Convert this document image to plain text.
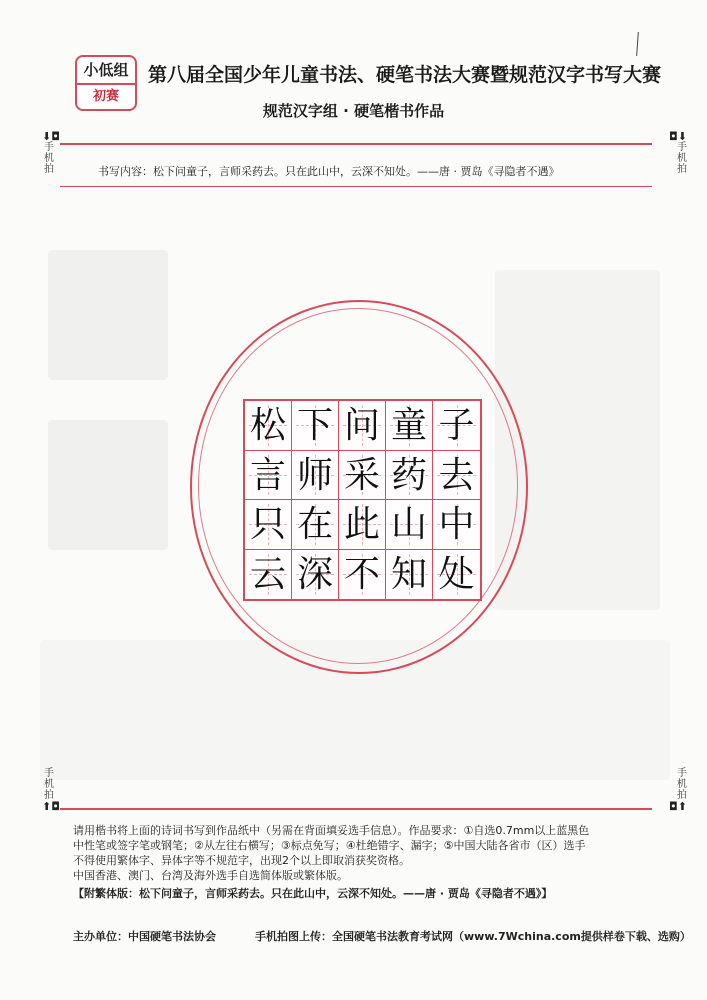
小低组
初赛
第八届全国少年儿童书法、硬笔书法大赛暨规范汉字书写大赛
规范汉字组 · 硬笔楷书作品
⬇◘
手机拍
◘⬇
手机拍
书写内容：松下问童子，言师采药去。只在此山中，云深不知处。——唐 · 贾岛《寻隐者不遇》
松 下 问 童 子
言 师 采 药 去
只 在 此 山 中
云 深 不 知 处
手机拍
⬆◘
手机拍
◘⬆

请用楷书将上面的诗词书写到作品纸中（另需在背面填妥选手信息）。作品要求：①自选0.7mm以上蓝黑色

中性笔或签字笔或钢笔；②从左往右横写；③标点免写；④杜绝错字、漏字；⑤中国大陆各省市（区）选手

不得使用繁体字、异体字等不规范字，出现2个以上即取消获奖资格。

中国香港、澳门、台湾及海外选手自选简体版或繁体版。

【附繁体版：松下问童子，言师采药去。只在此山中，云深不知处。——唐 · 贾岛《寻隐者不遇》】

主办单位：中国硬笔书法协会	手机拍图上传：全国硬笔书法教育考试网（www.7Wchina.com提供样卷下载、选购）
